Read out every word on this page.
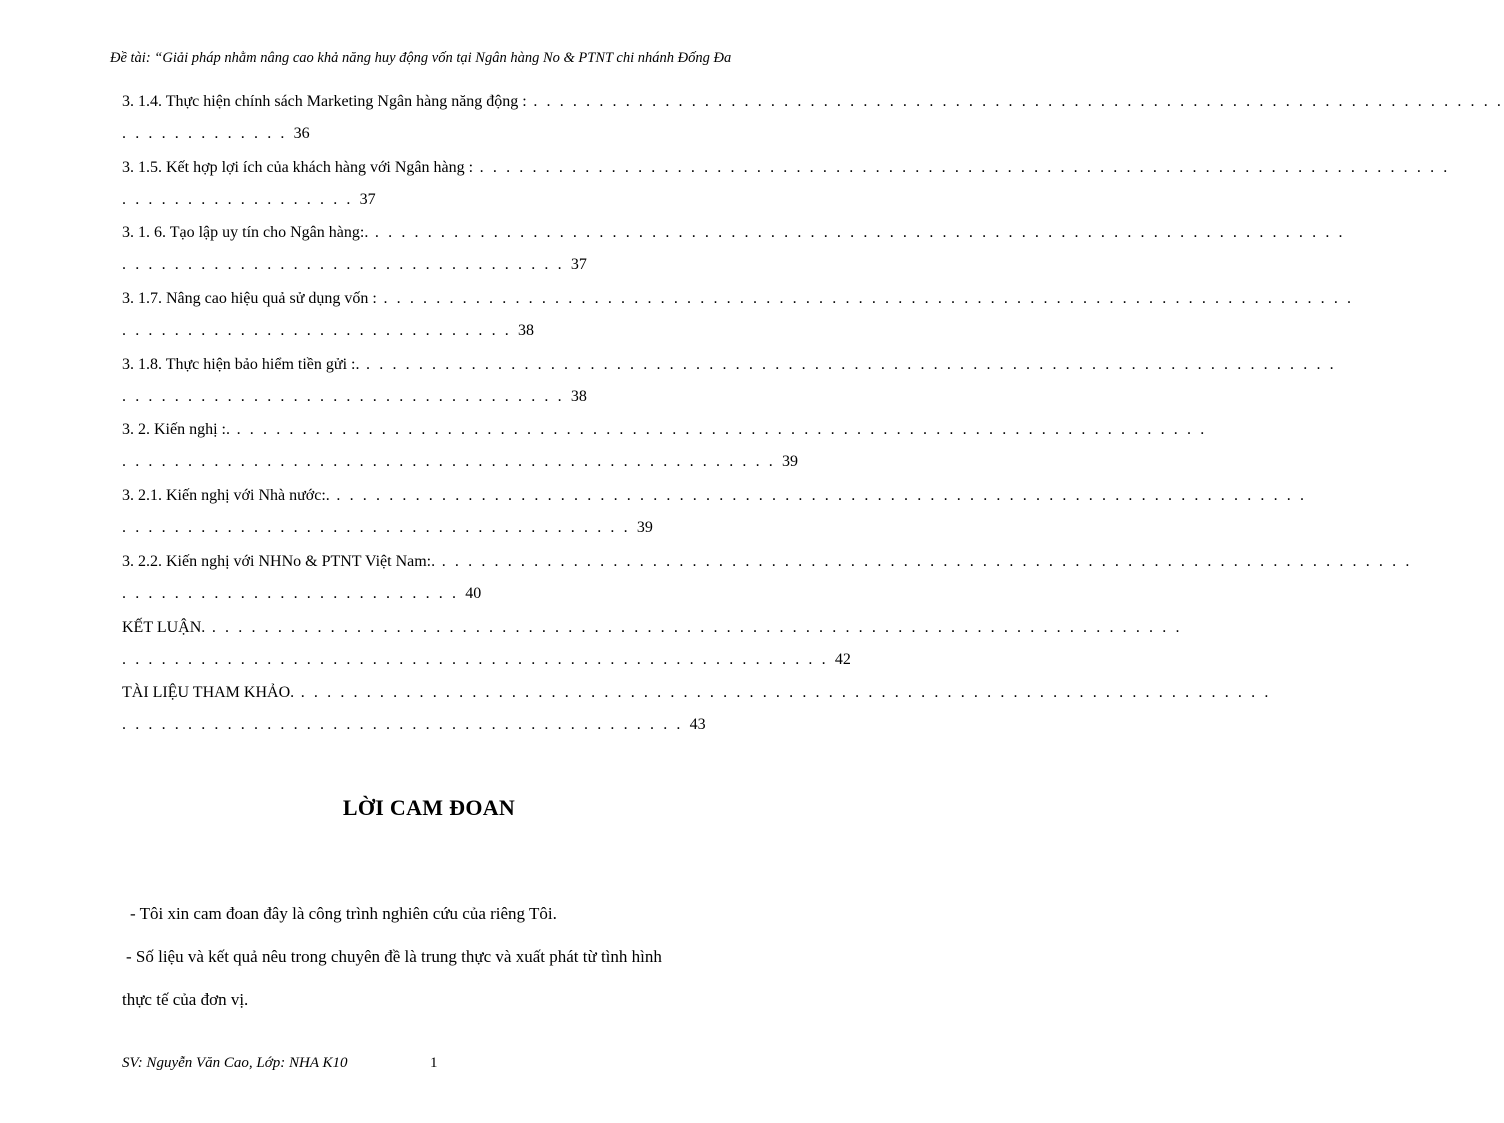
Đề tài: “Giải pháp nhằm nâng cao khả năng huy động vốn tại Ngân hàng No & PTNT chi nhánh Đống Đa
3. 1.4. Thực hiện chính sách Marketing Ngân hàng năng động : . . . . . . . . . . . . . . . . . . . . . . . . . . . . . . . . . . . . . . . . . . . . . . . . . . . . . . . . . . . . . . . . . . . . . . . . . .
. . . . . . . . . . . . . 36
3. 1.5. Kết hợp lợi ích của khách hàng với Ngân hàng : . . . . . . . . . . . . . . . . . . . . . . . . . . . . . . . . . . . . . . . . . . . . . . . . . . . . . . . . . . . . . . . . . . . . . . . . . .
. . . . . . . . . . . . . . . . . . 37
3. 1. 6. Tạo lập uy tín cho Ngân hàng:. . . . . . . . . . . . . . . . . . . . . . . . . . . . . . . . . . . . . . . . . . . . . . . . . . . . . . . . . . . . . . . . . . . . . . . . . . .
. . . . . . . . . . . . . . . . . . . . . . . . . . . . . . . . . . 37
3. 1.7. Nâng cao hiệu quả sử dụng vốn : . . . . . . . . . . . . . . . . . . . . . . . . . . . . . . . . . . . . . . . . . . . . . . . . . . . . . . . . . . . . . . . . . . . . . . . . . .
. . . . . . . . . . . . . . . . . . . . . . . . . . . . . . 38
3. 1.8. Thực hiện bảo hiểm tiền gửi :. . . . . . . . . . . . . . . . . . . . . . . . . . . . . . . . . . . . . . . . . . . . . . . . . . . . . . . . . . . . . . . . . . . . . . . . . . .
. . . . . . . . . . . . . . . . . . . . . . . . . . . . . . . . . . 38
3. 2. Kiến nghị :. . . . . . . . . . . . . . . . . . . . . . . . . . . . . . . . . . . . . . . . . . . . . . . . . . . . . . . . . . . . . . . . . . . . . . . . . . .
. . . . . . . . . . . . . . . . . . . . . . . . . . . . . . . . . . . . . . . . . . . . . . . . . . 39
3. 2.1. Kiến nghị với Nhà nước:. . . . . . . . . . . . . . . . . . . . . . . . . . . . . . . . . . . . . . . . . . . . . . . . . . . . . . . . . . . . . . . . . . . . . . . . . . .
. . . . . . . . . . . . . . . . . . . . . . . . . . . . . . . . . . . . . . . 39
3. 2.2. Kiến nghị với NHNo & PTNT Việt Nam:. . . . . . . . . . . . . . . . . . . . . . . . . . . . . . . . . . . . . . . . . . . . . . . . . . . . . . . . . . . . . . . . . . . . . . . . . . .
. . . . . . . . . . . . . . . . . . . . . . . . . . 40
KẾT LUẬN. . . . . . . . . . . . . . . . . . . . . . . . . . . . . . . . . . . . . . . . . . . . . . . . . . . . . . . . . . . . . . . . . . . . . . . . . . .
. . . . . . . . . . . . . . . . . . . . . . . . . . . . . . . . . . . . . . . . . . . . . . . . . . . . . . 42
TÀI LIỆU THAM KHẢO. . . . . . . . . . . . . . . . . . . . . . . . . . . . . . . . . . . . . . . . . . . . . . . . . . . . . . . . . . . . . . . . . . . . . . . . . . .
. . . . . . . . . . . . . . . . . . . . . . . . . . . . . . . . . . . . . . . . . . . 43
LỜI CAM ĐOAN
- Tôi xin cam đoan đây là công trình nghiên cứu của riêng Tôi.
- Số liệu và kết quả nêu trong chuyên đề là trung thực và xuất phát từ tình hình
thực tế của đơn vị.
SV: Nguyễn Văn Cao, Lớp: NHA K10	1
